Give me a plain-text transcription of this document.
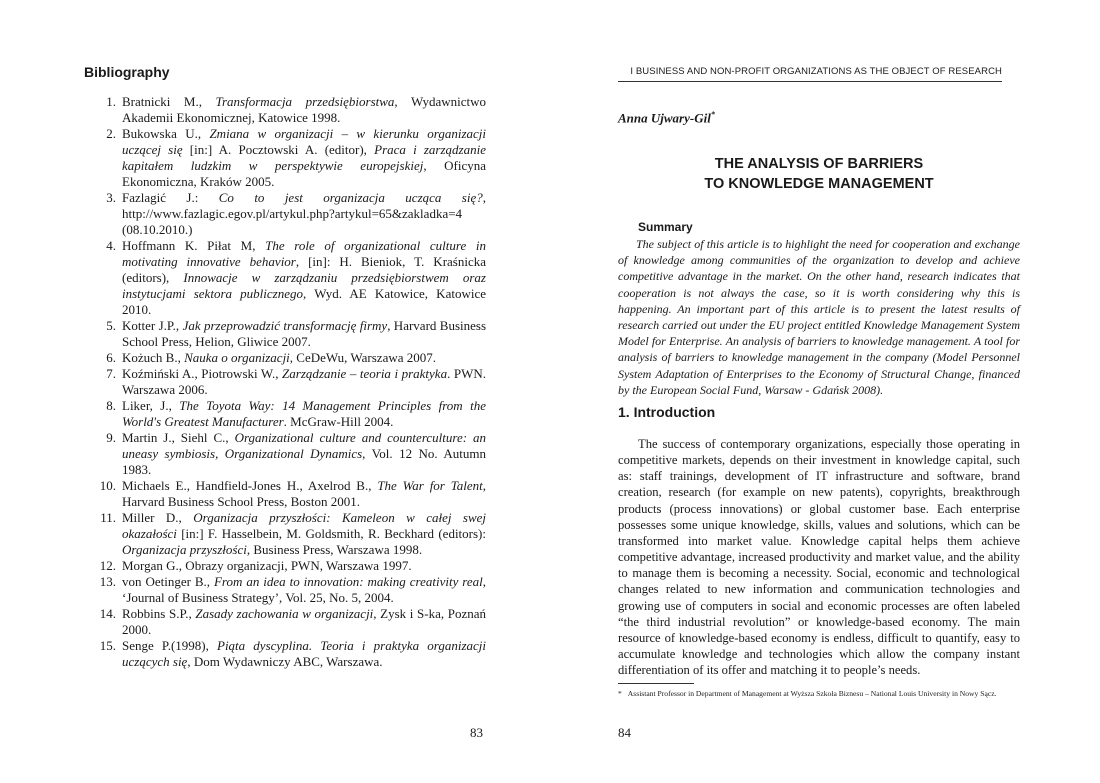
Bibliography
1. Bratnicki M., Transformacja przedsiębiorstwa, Wydawnictwo Akademii Ekonomicznej, Katowice 1998.
2. Bukowska U., Zmiana w organizacji – w kierunku organizacji uczącej się [in:] A. Pocztowski A. (editor), Praca i zarządzanie kapitałem ludzkim w perspektywie europejskiej, Oficyna Ekonomiczna, Kraków 2005.
3. Fazlagić J.: Co to jest organizacja ucząca się?, http://www.fazlagic.egov.pl/artykul.php?artykul=65&zakladka=4 (08.10.2010.)
4. Hoffmann K. Piłat M, The role of organizational culture in motivating innovative behavior, [in]: H. Bieniok, T. Kraśnicka (editors), Innowacje w zarządzaniu przedsiębiorstwem oraz instytucjami sektora publicznego, Wyd. AE Katowice, Katowice 2010.
5. Kotter J.P., Jak przeprowadzić transformację firmy, Harvard Business School Press, Helion, Gliwice 2007.
6. Kożuch B., Nauka o organizacji, CeDeWu, Warszawa 2007.
7. Koźmiński A., Piotrowski W., Zarządzanie – teoria i praktyka. PWN. Warszawa 2006.
8. Liker, J., The Toyota Way: 14 Management Principles from the World's Greatest Manufacturer. McGraw-Hill 2004.
9. Martin J., Siehl C., Organizational culture and counterculture: an uneasy symbiosis, Organizational Dynamics, Vol. 12 No. Autumn 1983.
10. Michaels E., Handfield-Jones H., Axelrod B., The War for Talent, Harvard Business School Press, Boston 2001.
11. Miller D., Organizacja przyszłości: Kameleon w całej swej okazałości [in:] F. Hasselbein, M. Goldsmith, R. Beckhard (editors): Organizacja przyszłości, Business Press, Warszawa 1998.
12. Morgan G., Obrazy organizacji, PWN, Warszawa 1997.
13. von Oetinger B., From an idea to innovation: making creativity real, ‘Journal of Business Strategy’, Vol. 25, No. 5, 2004.
14. Robbins S.P., Zasady zachowania w organizacji, Zysk i S-ka, Poznań 2000.
15. Senge P.(1998), Piąta dyscyplina. Teoria i praktyka organizacji uczących się, Dom Wydawniczy ABC, Warszawa.
83
I BUSINESS AND NON-PROFIT ORGANIZATIONS AS THE OBJECT OF RESEARCH
Anna Ujwary-Gil*
THE ANALYSIS OF BARRIERS
TO KNOWLEDGE MANAGEMENT
Summary

The subject of this article is to highlight the need for cooperation and exchange of knowledge among communities of the organization to develop and achieve competitive advantage in the market. On the other hand, research indicates that cooperation is not always the case, so it is worth considering why this is happening. An important part of this article is to present the latest results of research carried out under the EU project entitled Knowledge Management System Model for Enterprise. An analysis of barriers to knowledge management. A tool for analysis of barriers to knowledge management in the company (Model Personnel System Adaptation of Enterprises to the Economy of Structural Change, financed by the European Social Fund, Warsaw - Gdańsk 2008).

1. Introduction

The success of contemporary organizations, especially those operating in competitive markets, depends on their investment in knowledge capital, such as: staff trainings, development of IT infrastructure and software, brand creation, research (for example on new patents), copyrights, breakthrough products (process innovations) or global customer base. Each enterprise possesses some unique knowledge, skills, values and solutions, which can be transformed into market value. Knowledge capital helps them achieve competitive advantage, increased productivity and market value, and the ability to manage them is becoming a necessity. Social, economic and technological changes related to new information and communication technologies and growing use of computers in social and economic processes are often labeled “the third industrial revolution” or knowledge-based economy. The main resource of knowledge-based economy is endless, difficult to quantify, easy to accumulate knowledge and technologies which allow the company instant differentiation of its offer and matching it to people’s needs.

* Assistant Professor in Department of Management at Wyższa Szkoła Biznesu – National Louis University in Nowy Sącz.
84
